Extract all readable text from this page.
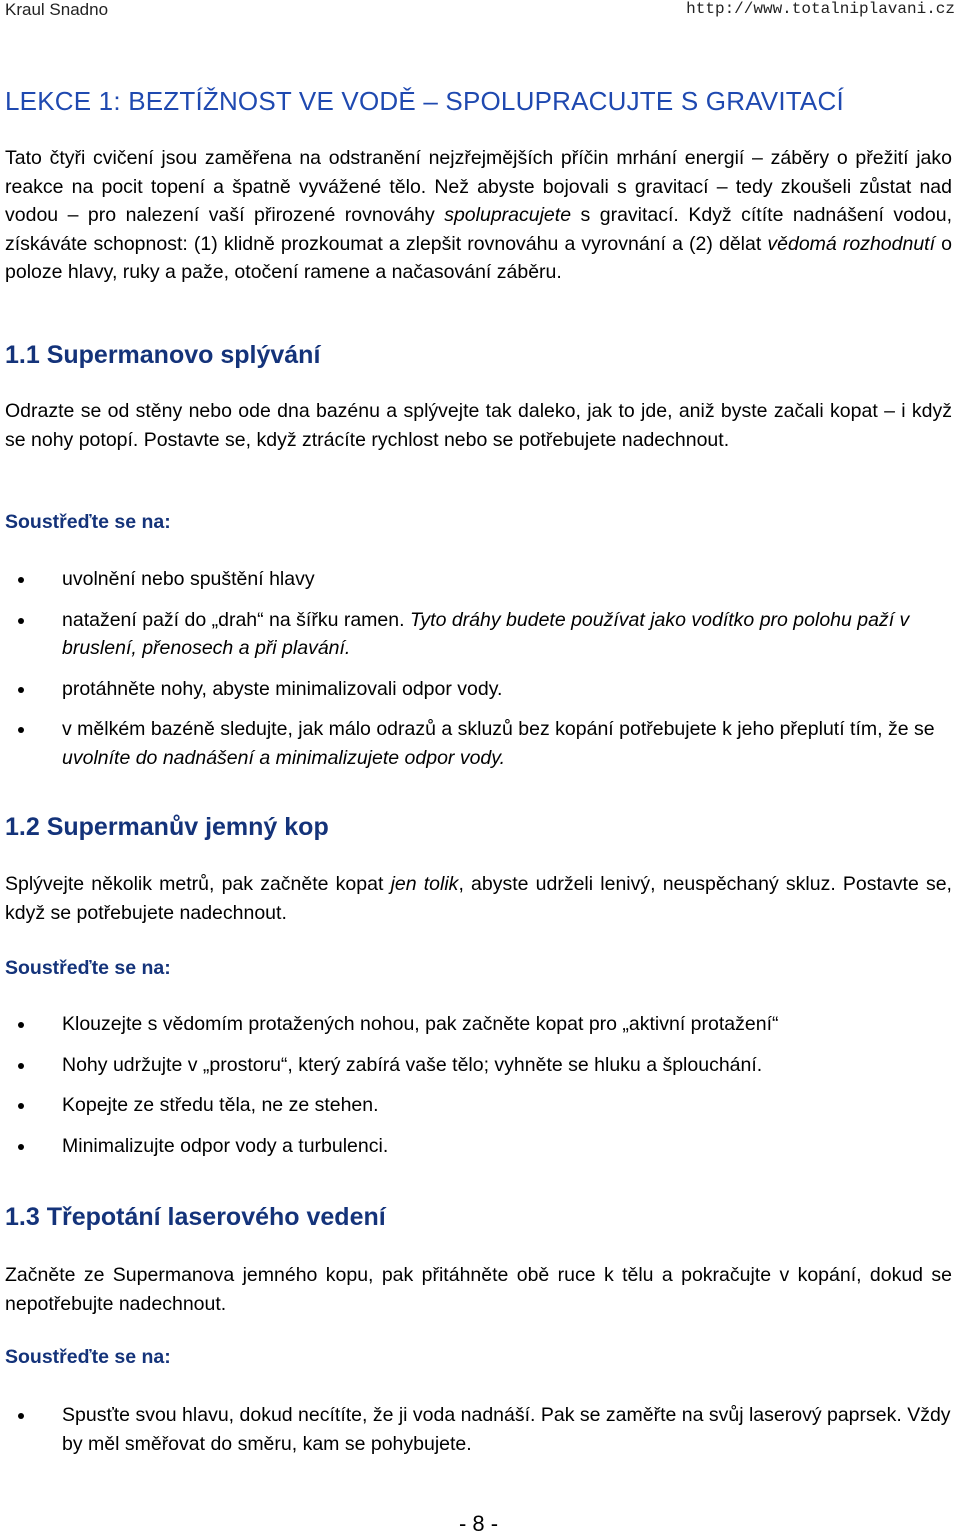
Kraul Snadno	http://www.totalniplavani.cz
LEKCE 1: BEZTÍŽNOST VE VODĚ – SPOLUPRACUJTE S GRAVITACÍ

Tato čtyři cvičení jsou zaměřena na odstranění nejzřejmějších příčin mrhání energií – záběry o přežití jako reakce na pocit topení a špatně vyvážené tělo. Než abyste bojovali s gravitací – tedy zkoušeli zůstat nad vodou – pro nalezení vaší přirozené rovnováhy spolupracujete s gravitací. Když cítíte nadnášení vodou, získáváte schopnost: (1) klidně prozkoumat a zlepšit rovnováhu a vyrovnání a (2) dělat vědomá rozhodnutí o poloze hlavy, ruky a paže, otočení ramene a načasování záběru.

1.1 Supermanovo splývání

Odrazte se od stěny nebo ode dna bazénu a splývejte tak daleko, jak to jde, aniž byste začali kopat – i když se nohy potopí. Postavte se, když ztrácíte rychlost nebo se potřebujete nadechnout.

Soustřeďte se na:
uvolnění nebo spuštění hlavy
natažení paží do „drah“ na šířku ramen. Tyto dráhy budete používat jako vodítko pro polohu paží v bruslení, přenosech a při plavání.
protáhněte nohy, abyste minimalizovali odpor vody.
v mělkém bazéně sledujte, jak málo odrazů a skluzů bez kopání potřebujete k jeho přeplutí tím, že se uvolníte do nadnášení a minimalizujete odpor vody.
1.2 Supermanův jemný kop

Splývejte několik metrů, pak začněte kopat jen tolik, abyste udrželi lenivý, neuspěchaný skluz. Postavte se, když se potřebujete nadechnout.

Soustřeďte se na:
Klouzejte s vědomím protažených nohou, pak začněte kopat pro „aktivní protažení“
Nohy udržujte v „prostoru“, který zabírá vaše tělo; vyhněte se hluku a šplouchání.
Kopejte ze středu těla, ne ze stehen.
Minimalizujte odpor vody a turbulenci.
1.3 Třepotání laserového vedení

Začněte ze Supermanova jemného kopu, pak přitáhněte obě ruce k tělu a pokračujte v kopání, dokud se nepotřebujte nadechnout.

Soustřeďte se na:
Spusťte svou hlavu, dokud necítíte, že ji voda nadnáší. Pak se zaměřte na svůj laserový paprsek. Vždy by měl směřovat do směru, kam se pohybujete.
- 8 -
